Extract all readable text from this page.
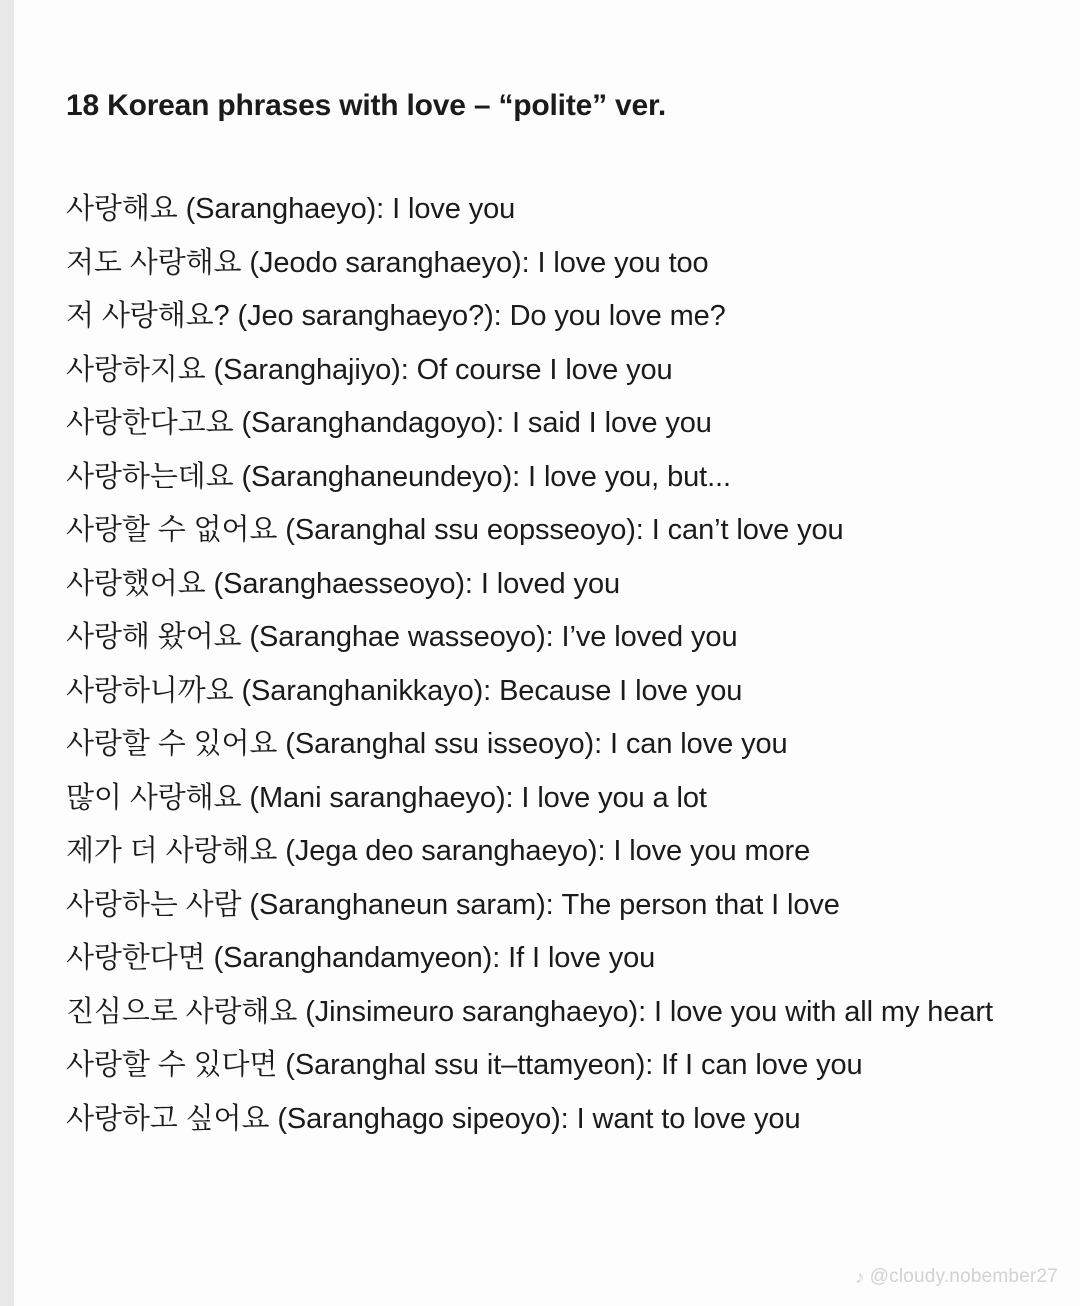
18 Korean phrases with love – “polite” ver.
사랑해요 (Saranghaeyo): I love you
저도 사랑해요 (Jeodo saranghaeyo): I love you too
저 사랑해요? (Jeo saranghaeyo?): Do you love me?
사랑하지요 (Saranghajiyo): Of course I love you
사랑한다고요 (Saranghandagoyo): I said I love you
사랑하는데요 (Saranghaneundeyo): I love you, but...
사랑할 수 없어요 (Saranghal ssu eopsseoyo): I can’t love you
사랑했어요 (Saranghaesseoyo): I loved you
사랑해 왔어요 (Saranghae wasseoyo): I’ve loved you
사랑하니까요 (Saranghanikkayo): Because I love you
사랑할 수 있어요 (Saranghal ssu isseoyo): I can love you
많이 사랑해요 (Mani saranghaeyo): I love you a lot
제가 더 사랑해요 (Jega deo saranghaeyo): I love you more
사랑하는 사람 (Saranghaneun saram): The person that I love
사랑한다면 (Saranghandamyeon): If I love you
진심으로 사랑해요 (Jinsimeuro saranghaeyo): I love you with all my heart
사랑할 수 있다면 (Saranghal ssu it–ttamyeon): If I can love you
사랑하고 싶어요 (Saranghago sipeoyo): I want to love you
♪ @cloudy.nobember27
